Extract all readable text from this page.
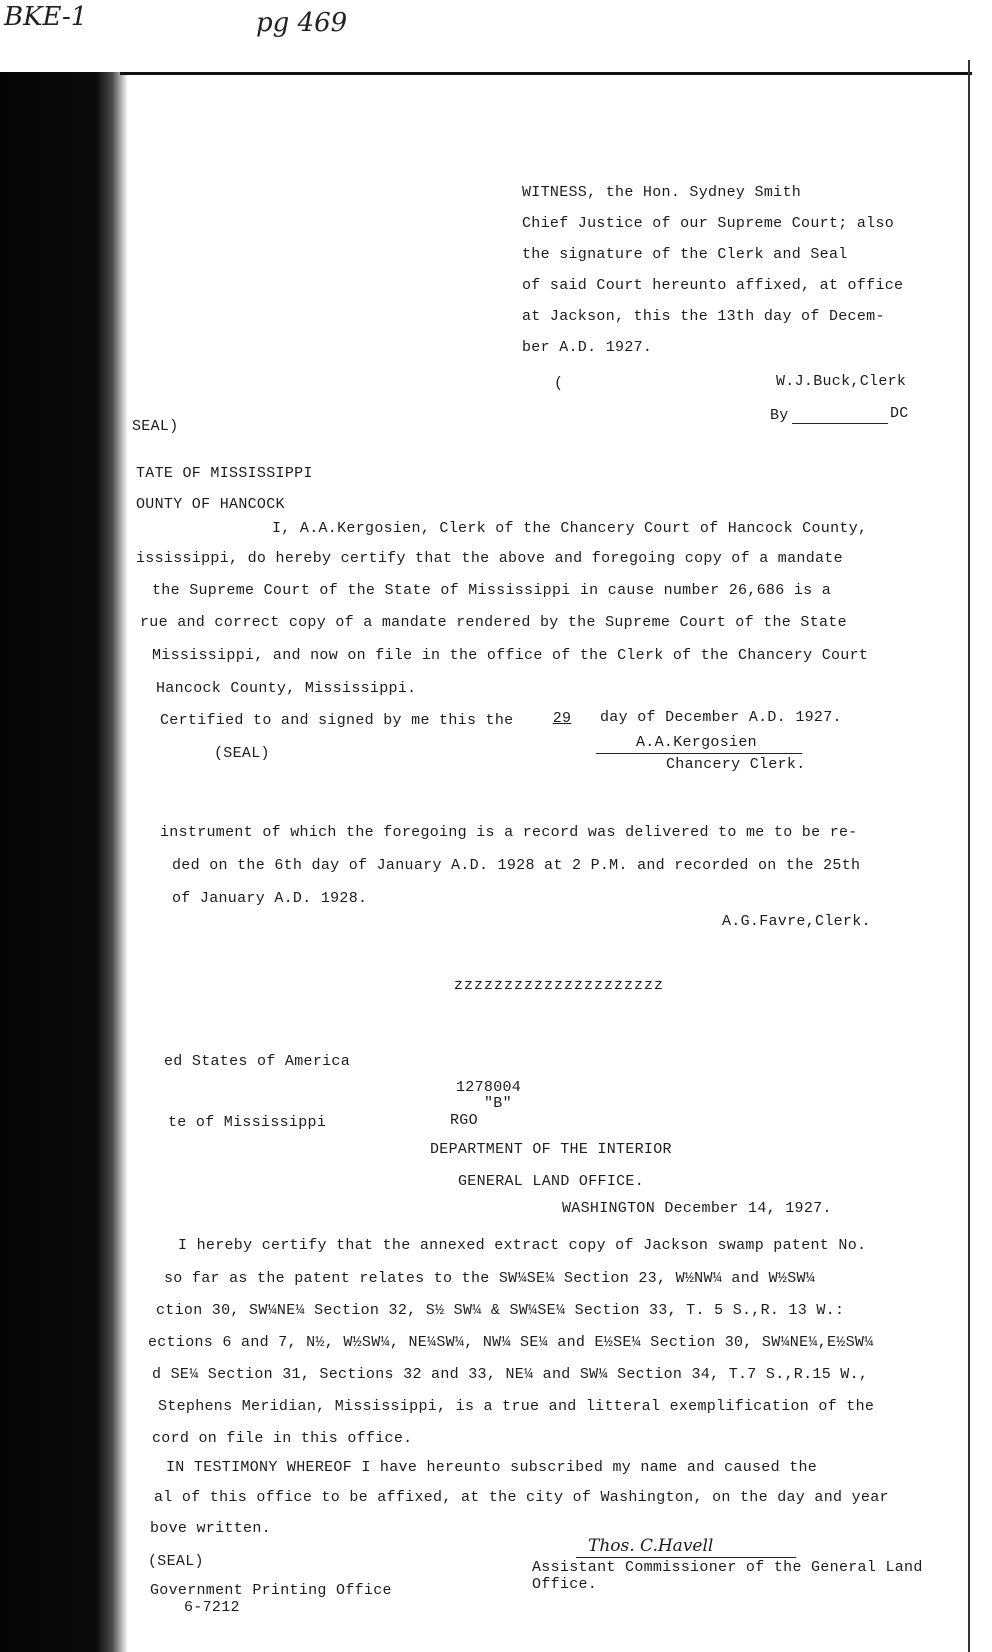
BKE-1	pg 469
WITNESS, the Hon. Sydney Smith
Chief Justice of our Supreme Court; also
the signature of the Clerk and Seal
of said Court hereunto affixed, at office
at Jackson, this the 13th day of Decem-
ber A.D. 1927.
(	W.J.Buck,Clerk
By	DC
SEAL)
TATE OF MISSISSIPPI
OUNTY OF HANCOCK
I, A.A.Kergosien, Clerk of the Chancery Court of Hancock County,
ississippi, do hereby certify that the above and foregoing copy of a mandate
the Supreme Court of the State of Mississippi in cause number 26,686 is a
rue and correct copy of a mandate rendered by the Supreme Court of the State
Mississippi, and now on file in the office of the Clerk of the Chancery Court
Hancock County, Mississippi.
Certified to and signed by me this the	29	day of December A.D. 1927.
(SEAL)
A.A.Kergosien
Chancery Clerk.
instrument of which the foregoing is a record was delivered to me to be re-
ded on the 6th day of January A.D. 1928 at 2 P.M. and recorded on the 25th
of January A.D. 1928.
A.G.Favre,Clerk.
zzzzzzzzzzzzzzzzzzzzz
ed States of America
te of Mississippi
1278004
"B"
RGO
DEPARTMENT OF THE INTERIOR
GENERAL LAND OFFICE.
WASHINGTON December 14, 1927.
I hereby certify that the annexed extract copy of Jackson swamp patent No.
so far as the patent relates to the SW¼SE¼ Section 23, W½NW¼ and W½SW¼
ction 30, SW¼NE¼ Section 32, S½ SW¼ & SW¼SE¼ Section 33, T. 5 S.,R. 13 W.:
ections 6 and 7, N½, W½SW¼, NE¼SW¼, NW¼ SE¼ and E½SE¼ Section 30, SW¼NE¼,E½SW¼
d SE¼ Section 31, Sections 32 and 33, NE¼ and SW¼ Section 34, T.7 S.,R.15 W.,
Stephens Meridian, Mississippi, is a true and litteral exemplification of the
cord on file in this office.
IN TESTIMONY WHEREOF I have hereunto subscribed my name and caused the
al of this office to be affixed, at the city of Washington, on the day and year
bove written.
(SEAL)
Thos. C.Havell
Assistant Commissioner of the General Land
Office.
Government Printing Office
6-7212
